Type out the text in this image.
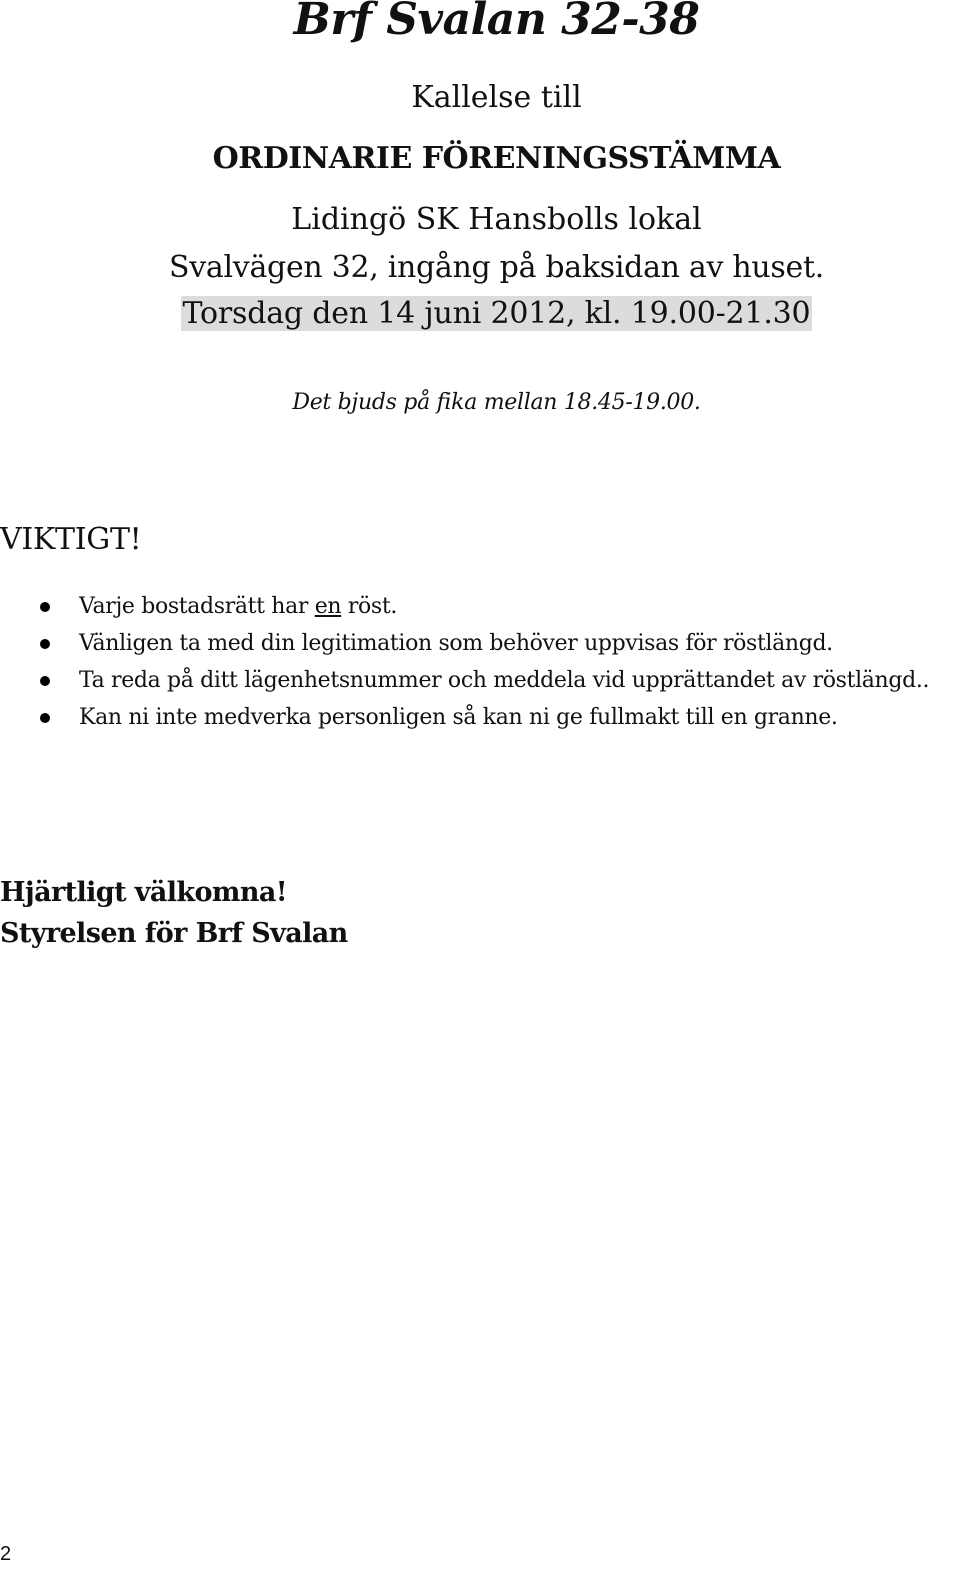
Brf Svalan 32-38

Kallelse till

ORDINARIE FÖRENINGSSTÄMMA

Lidingö SK Hansbolls lokal

Svalvägen 32, ingång på baksidan av huset.

Torsdag den 14 juni 2012, kl. 19.00-21.30

Det bjuds på fika mellan 18.45-19.00.

VIKTIGT!

Varje bostadsrätt har en röst.
Vänligen ta med din legitimation som behöver uppvisas för röstlängd.
Ta reda på ditt lägenhetsnummer och meddela vid upprättandet av röstlängd..
Kan ni inte medverka personligen så kan ni ge fullmakt till en granne.
Hjärtligt välkomna!
Styrelsen för Brf Svalan

2
